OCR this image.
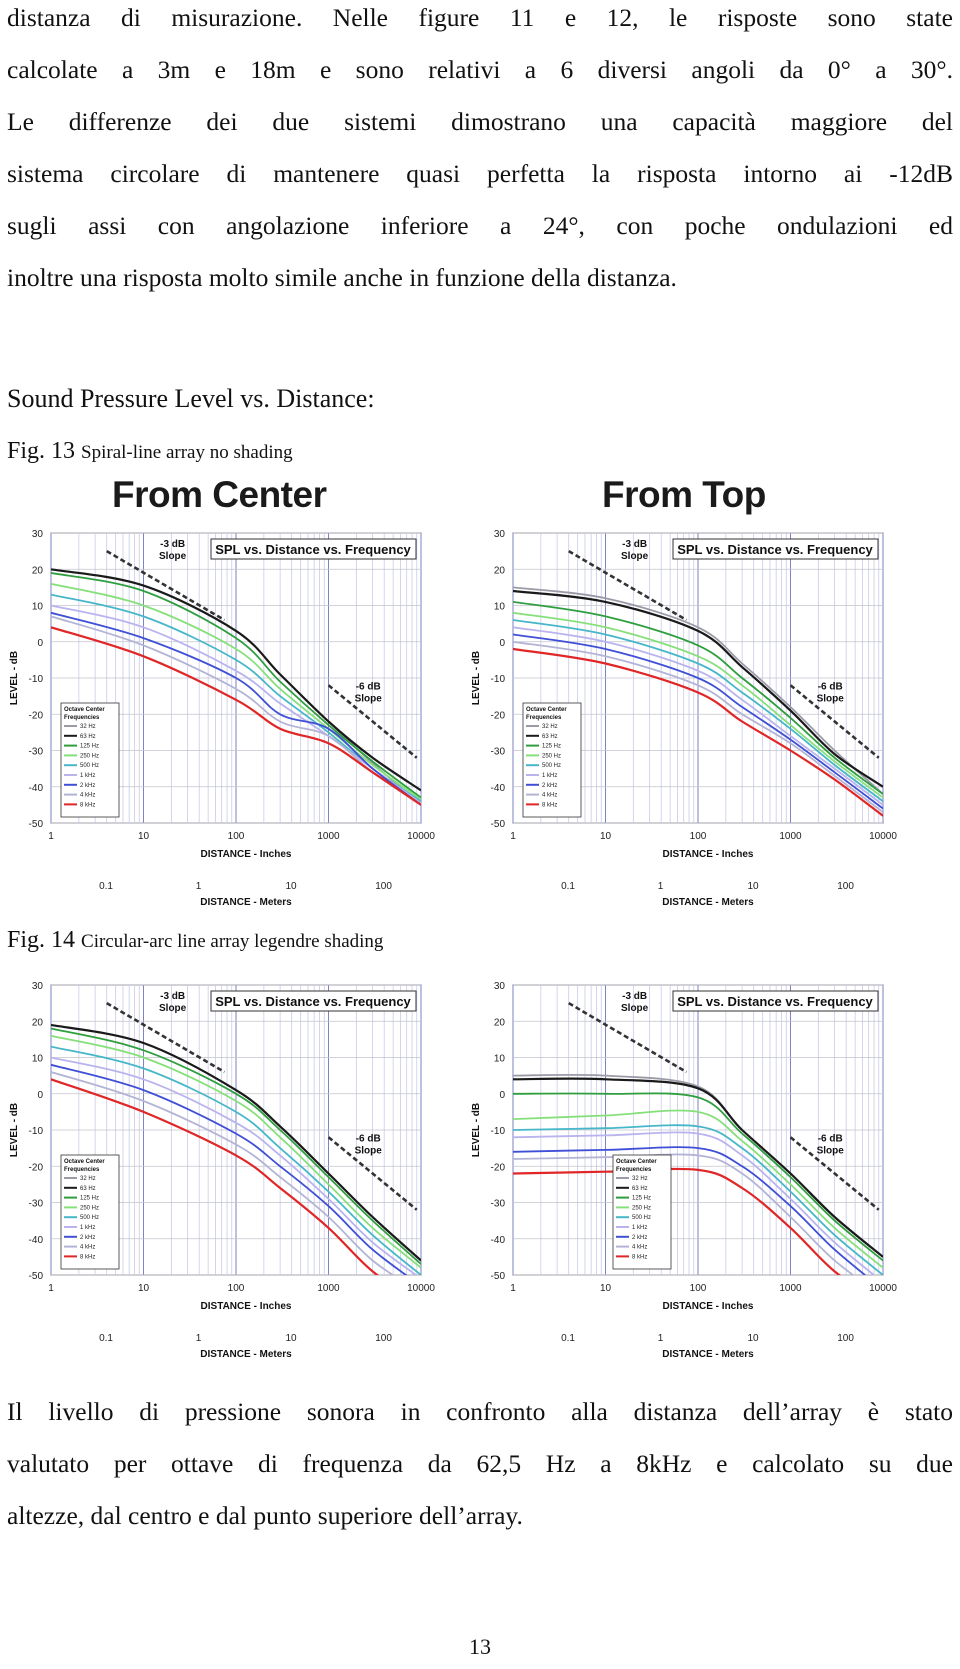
distanza di misurazione. Nelle figure 11 e 12, le risposte sono state
calcolate a 3m e 18m e sono relativi a 6 diversi angoli da 0° a 30°.
Le differenze dei due sistemi dimostrano una capacità maggiore del
sistema circolare di mantenere quasi perfetta la risposta intorno ai -12dB
sugli assi con angolazione inferiore a 24°, con poche ondulazioni ed
inoltre una risposta molto simile anche in funzione della distanza.
Sound Pressure Level vs. Distance:
Fig. 13 Spiral-line array no shading
From Center	From Top
1	10	100	1000	10000
30
20
10
0
-10
-20
-30
-40
-50
SPL vs. Distance vs. Frequency
-3 dB
Slope
-6 dB
Slope
Octave Center
Frequencies
32 Hz
63 Hz
125 Hz
250 Hz
500 Hz
1 kHz
2 kHz
4 kHz
8 kHz
LEVEL - dB
DISTANCE - Inches
0.1	1	10	100
DISTANCE - Meters
1	10	100	1000	10000
30
20
10
0
-10
-20
-30
-40
-50
SPL vs. Distance vs. Frequency
-3 dB
Slope
-6 dB
Slope
Octave Center
Frequencies
32 Hz
63 Hz
125 Hz
250 Hz
500 Hz
1 kHz
2 kHz
4 kHz
8 kHz
LEVEL - dB
DISTANCE - Inches
0.1	1	10	100
DISTANCE - Meters
Fig. 14 Circular-arc line array legendre shading
1	10	100	1000	10000
30
20
10
0
-10
-20
-30
-40
-50
SPL vs. Distance vs. Frequency
-3 dB
Slope
-6 dB
Slope
Octave Center
Frequencies
32 Hz
63 Hz
125 Hz
250 Hz
500 Hz
1 kHz
2 kHz
4 kHz
8 kHz
LEVEL - dB
DISTANCE - Inches
0.1	1	10	100
DISTANCE - Meters
1	10	100	1000	10000
30
20
10
0
-10
-20
-30
-40
-50
SPL vs. Distance vs. Frequency
-3 dB
Slope
-6 dB
Slope
Octave Center
Frequencies
32 Hz
63 Hz
125 Hz
250 Hz
500 Hz
1 kHz
2 kHz
4 kHz
8 kHz
LEVEL - dB
DISTANCE - Inches
0.1	1	10	100
DISTANCE - Meters
Il livello di pressione sonora in confronto alla distanza dell’array è stato
valutato per ottave di frequenza da 62,5 Hz a 8kHz e calcolato su due
altezze, dal centro e dal punto superiore dell’array.
13
